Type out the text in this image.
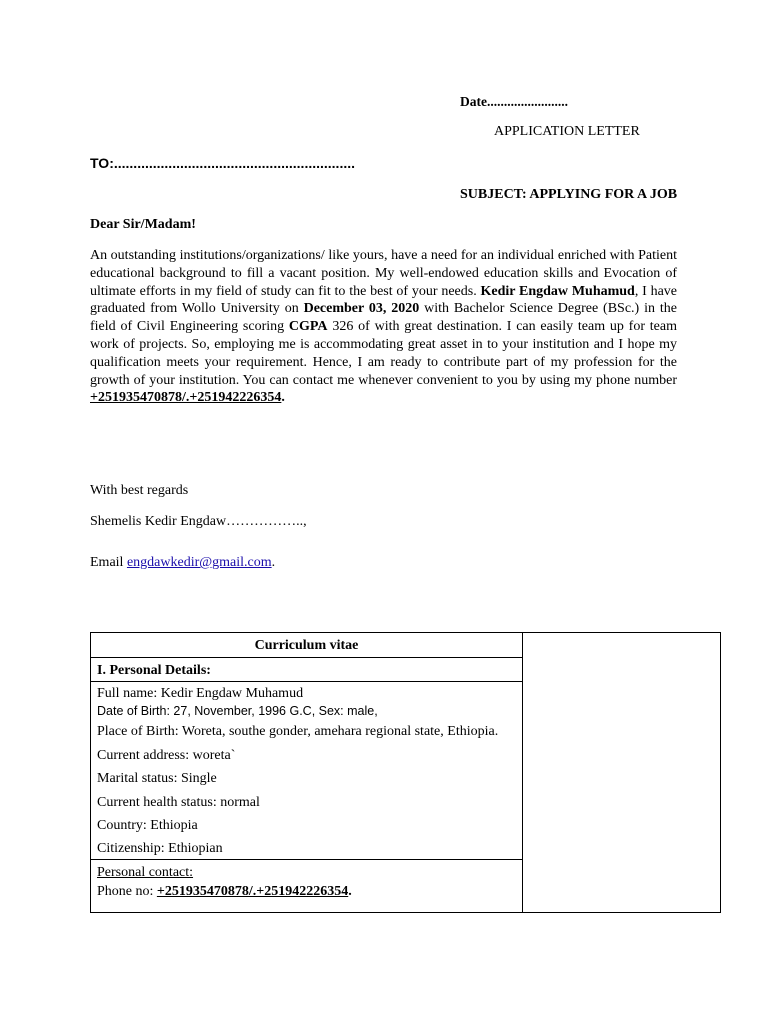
Date........................
APPLICATION LETTER
TO:..............................................................
SUBJECT: APPLYING FOR A JOB
Dear Sir/Madam!
An outstanding institutions/organizations/ like yours, have a need for an individual enriched with Patient educational background to fill a vacant position. My well-endowed education skills and Evocation of ultimate efforts in my field of study can fit to the best of your needs. Kedir Engdaw Muhamud, I have graduated from Wollo University on December 03, 2020 with Bachelor Science Degree (BSc.) in the field of Civil Engineering scoring CGPA 326 of with great destination. I can easily team up for team work of projects. So, employing me is accommodating great asset in to your institution and I hope my qualification meets your requirement. Hence, I am ready to contribute part of my profession for the growth of your institution. You can contact me whenever convenient to you by using my phone number
+251935470878/.+251942226354.
With best regards
Shemelis Kedir Engdaw……………..,
Email engdawkedir@gmail.com.
Curriculum vitae
I. Personal Details:
Full name: Kedir Engdaw Muhamud
Date of Birth: 27, November, 1996 G.C, Sex: male,
Place of Birth: Woreta, southe gonder, amehara regional state, Ethiopia.
Current address: woreta`
Marital status: Single
Current health status: normal
Country: Ethiopia
Citizenship: Ethiopian
Personal contact:
Phone no: +251935470878/.+251942226354.
